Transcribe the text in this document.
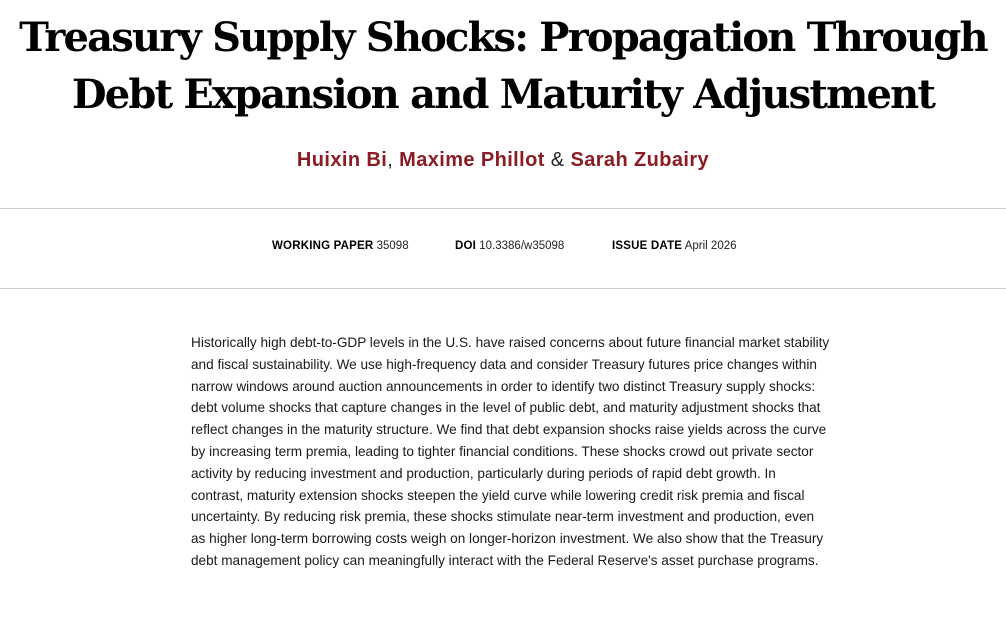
Treasury Supply Shocks: Propagation Through
Debt Expansion and Maturity Adjustment
Huixin Bi, Maxime Phillot & Sarah Zubairy
WORKING PAPER 35098	DOI 10.3386/w35098	ISSUE DATE April 2026

Historically high debt-to-GDP levels in the U.S. have raised concerns about future financial market stability and fiscal sustainability. We use high-frequency data and consider Treasury futures price changes within narrow windows around auction announcements in order to identify two distinct Treasury supply shocks: debt volume shocks that capture changes in the level of public debt, and maturity adjustment shocks that reflect changes in the maturity structure. We find that debt expansion shocks raise yields across the curve by increasing term premia, leading to tighter financial conditions. These shocks crowd out private sector activity by reducing investment and production, particularly during periods of rapid debt growth. In contrast, maturity extension shocks steepen the yield curve while lowering credit risk premia and fiscal uncertainty. By reducing risk premia, these shocks stimulate near-term investment and production, even as higher long-term borrowing costs weigh on longer-horizon investment. We also show that the Treasury debt management policy can meaningfully interact with the Federal Reserve's asset purchase programs.
